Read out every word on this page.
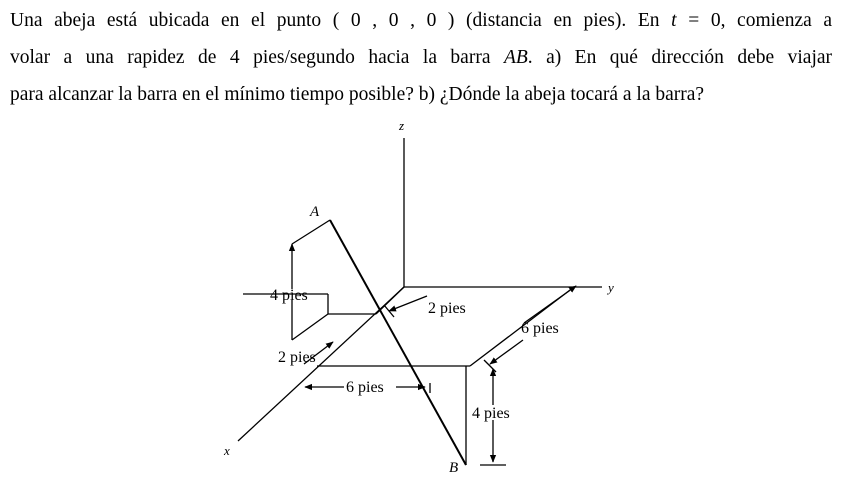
Una abeja está ubicada en el punto ( 0 , 0 , 0 ) (distancia en pies). En t = 0, comienza a
volar a una rapidez de 4 pies/segundo hacia la barra AB. a) En qué dirección debe viajar
para alcanzar la barra en el mínimo tiempo posible? b) ¿Dónde la abeja tocará a la barra?
z
y
x
A
B
4 pies
2 pies
6 pies
2 pies
6 pies
4 pies
